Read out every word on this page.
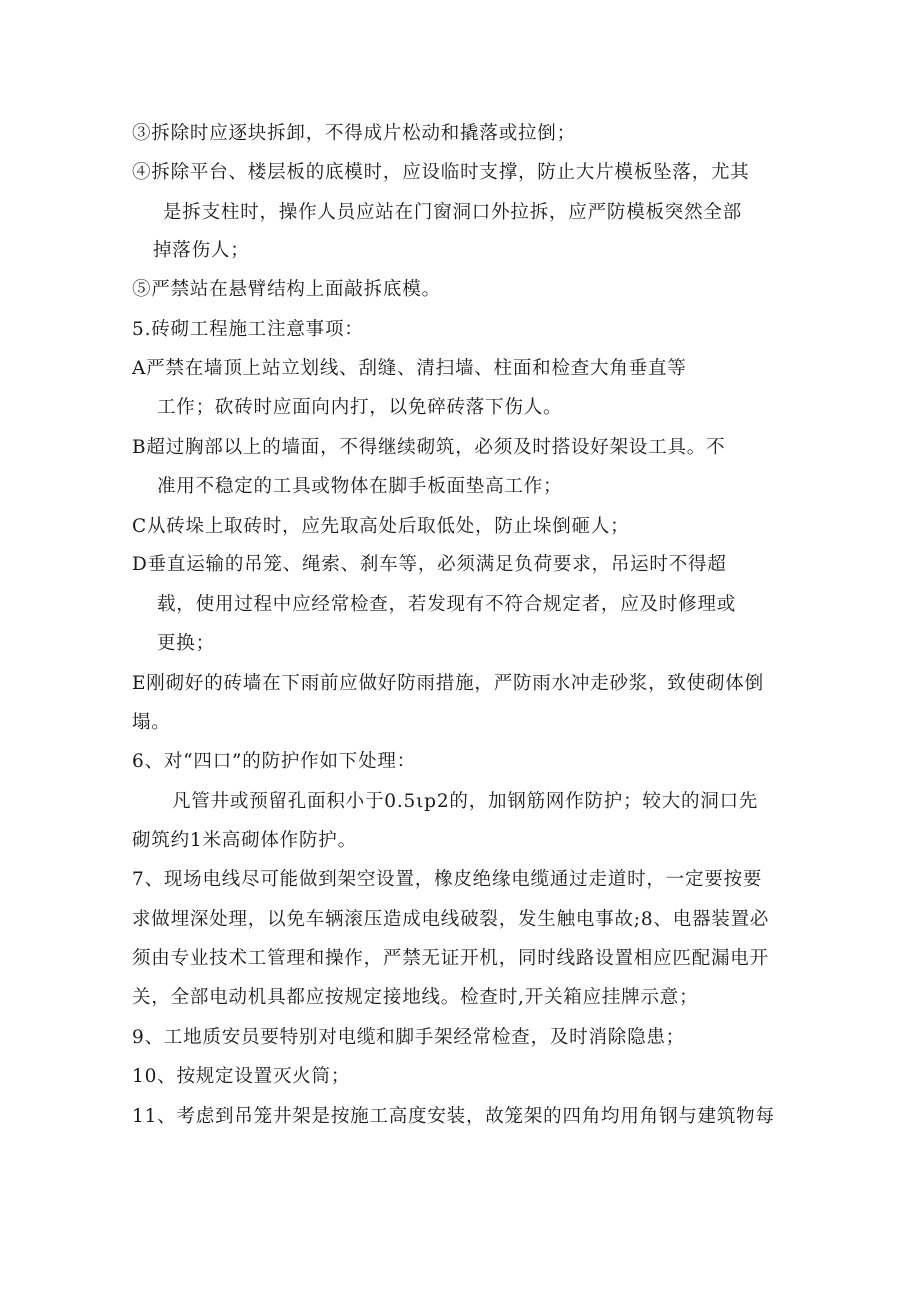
③拆除时应逐块拆卸，不得成片松动和撬落或拉倒；
④拆除平台、楼层板的底模时，应设临时支撑，防止大片模板坠落，尤其
是拆支柱时，操作人员应站在门窗洞口外拉拆，应严防模板突然全部
掉落伤人；
⑤严禁站在悬臂结构上面敲拆底模。
5.砖砌工程施工注意事项：
A严禁在墙顶上站立划线、刮缝、清扫墙、柱面和检查大角垂直等
工作；砍砖时应面向内打，以免碎砖落下伤人。
B超过胸部以上的墙面，不得继续砌筑，必须及时搭设好架设工具。不
准用不稳定的工具或物体在脚手板面垫高工作；
C从砖垛上取砖时，应先取高处后取低处，防止垛倒砸人；
D垂直运输的吊笼、绳索、刹车等，必须满足负荷要求，吊运时不得超
载，使用过程中应经常检查，若发现有不符合规定者，应及时修理或
更换；
E刚砌好的砖墙在下雨前应做好防雨措施，严防雨水冲走砂浆，致使砌体倒
塌。
6、对“四口”的防护作如下处理：
凡管井或预留孔面积小于0.5ιp2的，加钢筋网作防护；较大的洞口先
砌筑约1米高砌体作防护。
7、现场电线尽可能做到架空设置，橡皮绝缘电缆通过走道时，一定要按要
求做埋深处理，以免车辆滚压造成电线破裂，发生触电事故;8、电器装置必
须由专业技术工管理和操作，严禁无证开机，同时线路设置相应匹配漏电开
关，全部电动机具都应按规定接地线。检查时,开关箱应挂牌示意；
9、工地质安员要特别对电缆和脚手架经常检查，及时消除隐患；
10、按规定设置灭火筒；
11、考虑到吊笼井架是按施工高度安装，故笼架的四角均用角钢与建筑物每
